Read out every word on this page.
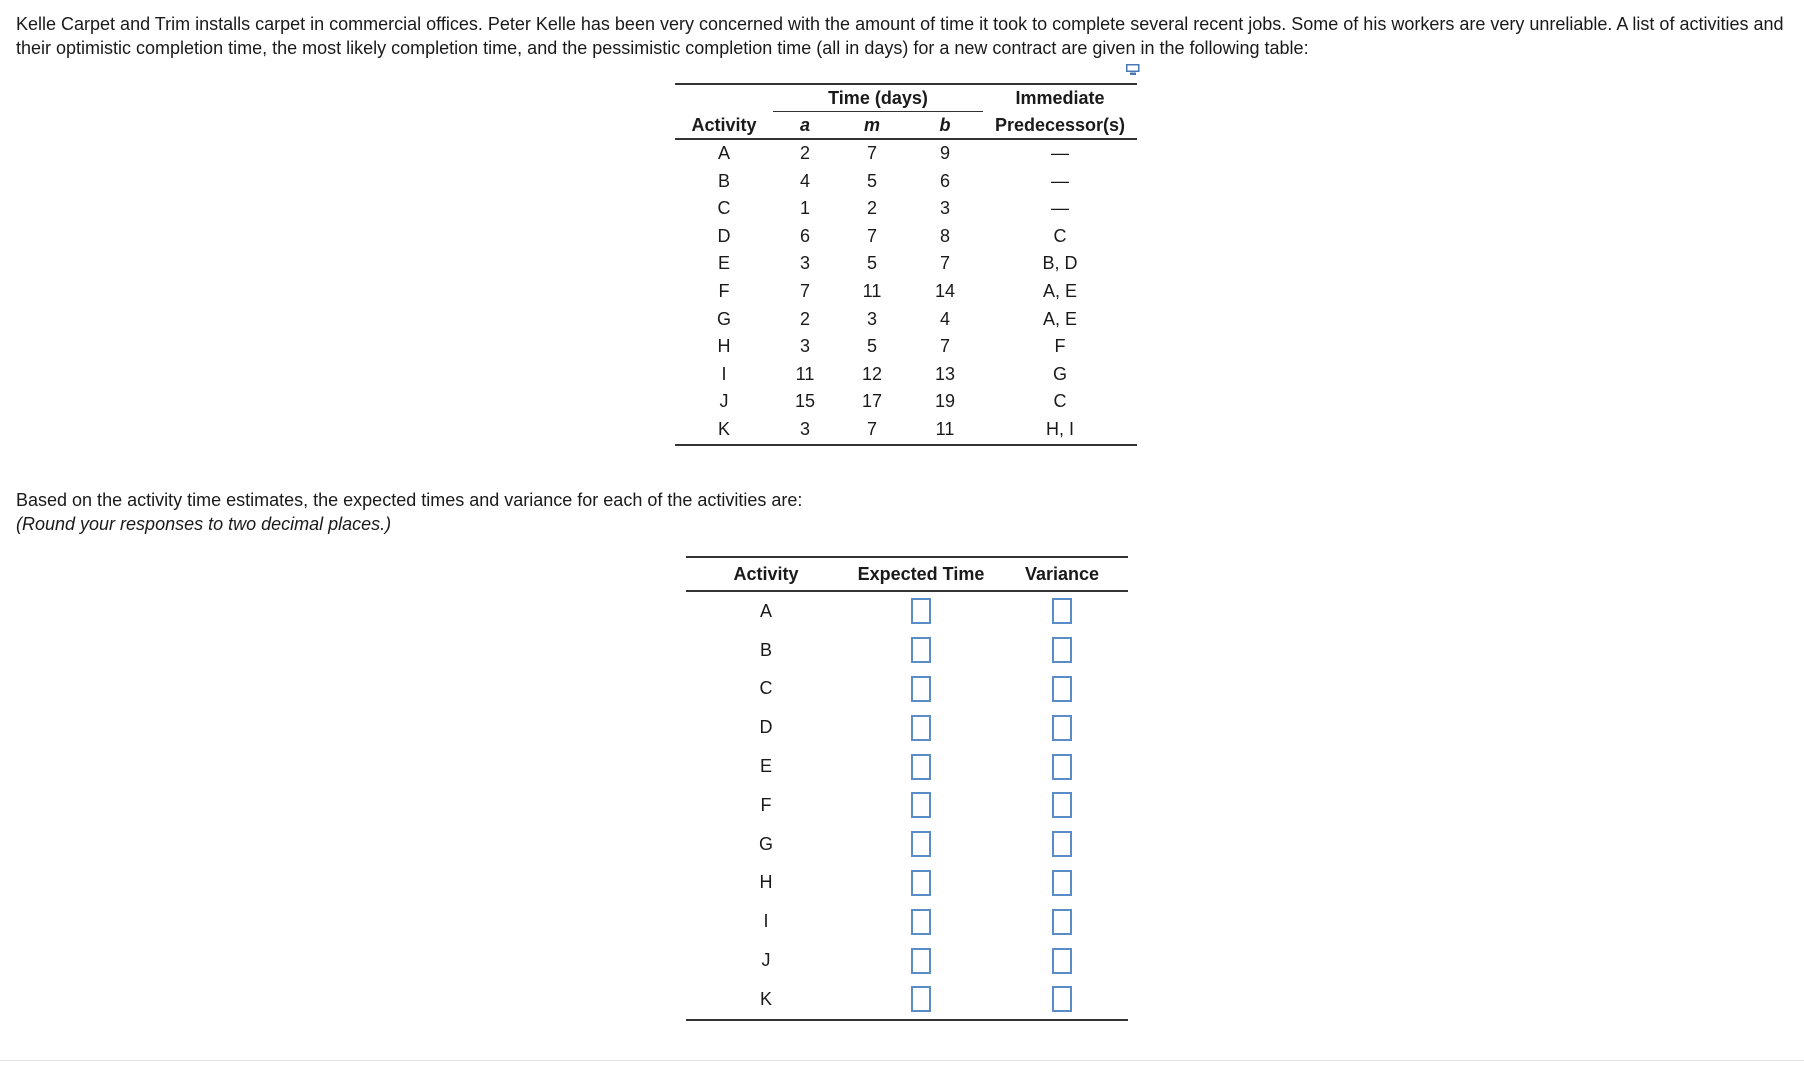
Kelle Carpet and Trim installs carpet in commercial offices. Peter Kelle has been very concerned with the amount of time it took to complete several recent jobs. Some of his workers are very unreliable. A list of activities and their optimistic completion time, the most likely completion time, and the pessimistic completion time (all in days) for a new contract are given in the following table:

	Time (days)			Immediate
Activity	a	m	b	Predecessor(s)
A	2	7	9	—
B	4	5	6	—
C	1	2	3	—
D	6	7	8	C
E	3	5	7	B, D
F	7	11	14	A, E
G	2	3	4	A, E
H	3	5	7	F
I	11	12	13	G
J	15	17	19	C
K	3	7	11	H, I

Based on the activity time estimates, the expected times and variance for each of the activities are:
(Round your responses to two decimal places.)

Activity	Expected Time	Variance
A		
B		
C		
D		
E		
F		
G		
H		
I		
J		
K		
